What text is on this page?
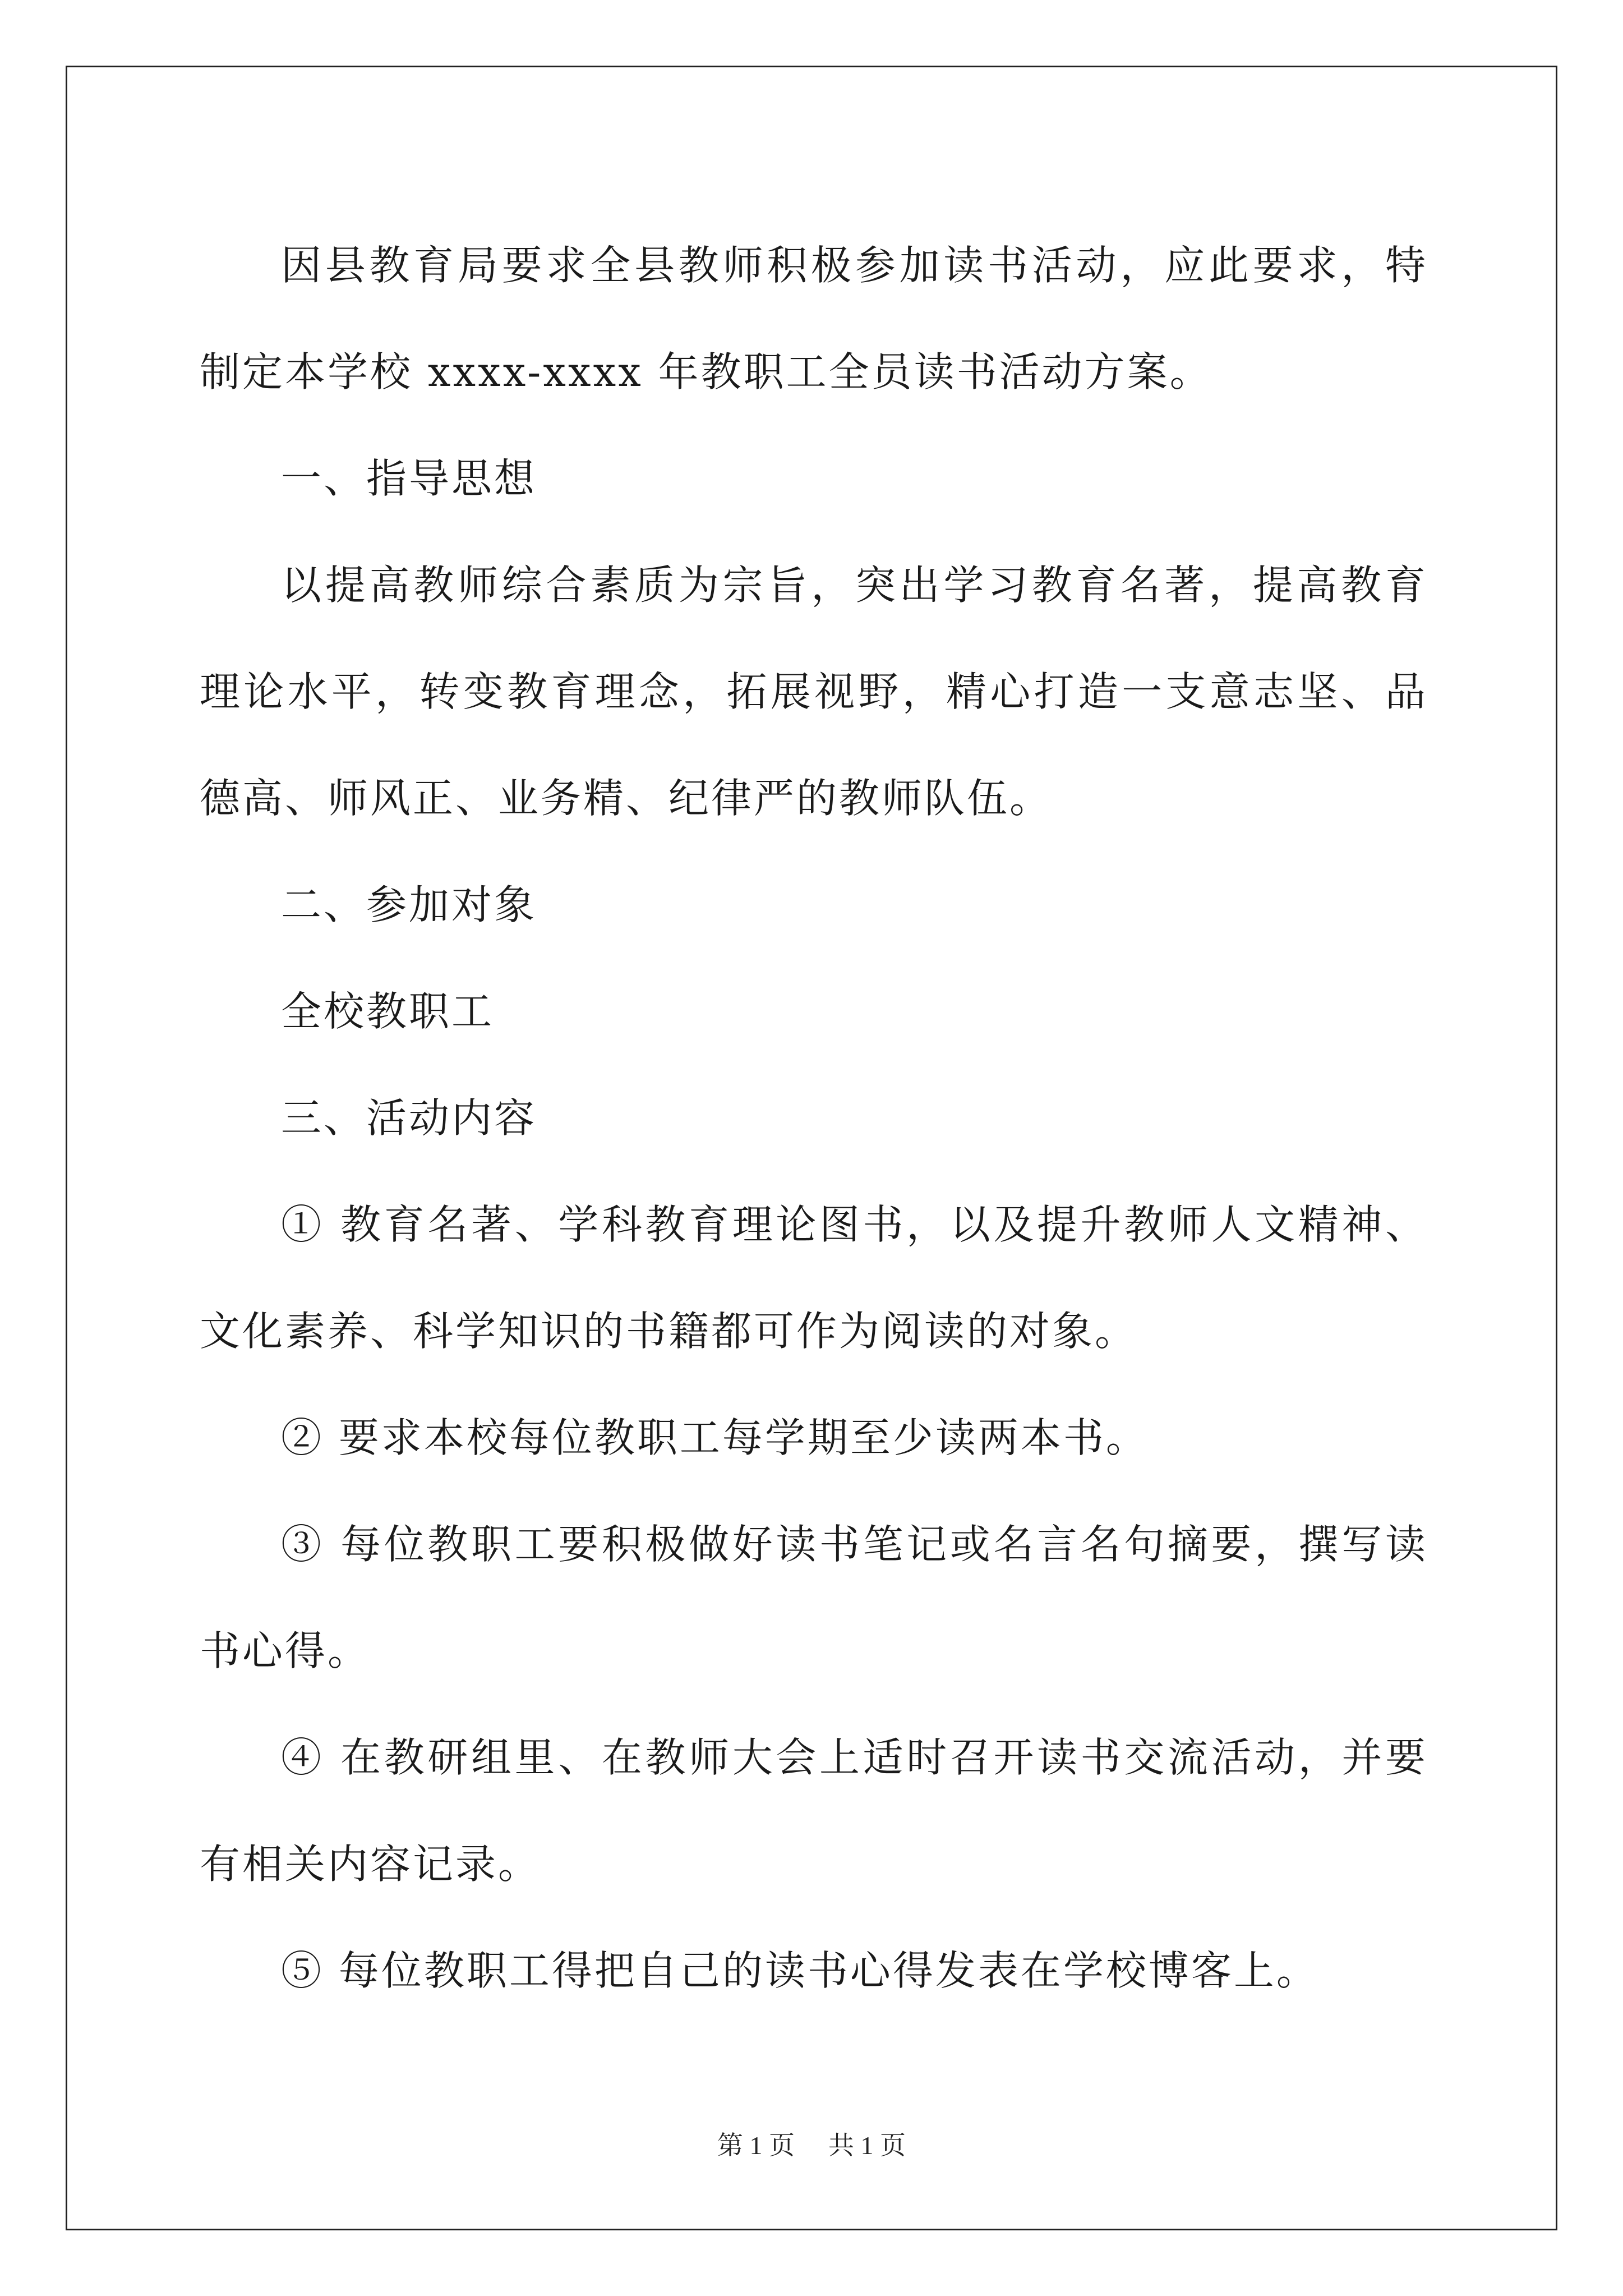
因县教育局要求全县教师积极参加读书活动，应此要求，特制定本学校 xxxx-xxxx 年教职工全员读书活动方案。

一、指导思想

以提高教师综合素质为宗旨，突出学习教育名著，提高教育理论水平，转变教育理念，拓展视野，精心打造一支意志坚、品德高、师风正、业务精、纪律严的教师队伍。

二、参加对象

全校教职工

三、活动内容

① 教育名著、学科教育理论图书，以及提升教师人文精神、文化素养、科学知识的书籍都可作为阅读的对象。

② 要求本校每位教职工每学期至少读两本书。

③ 每位教职工要积极做好读书笔记或名言名句摘要，撰写读书心得。

④ 在教研组里、在教师大会上适时召开读书交流活动，并要有相关内容记录。

⑤ 每位教职工得把自己的读书心得发表在学校博客上。

第 1 页 共 1 页
